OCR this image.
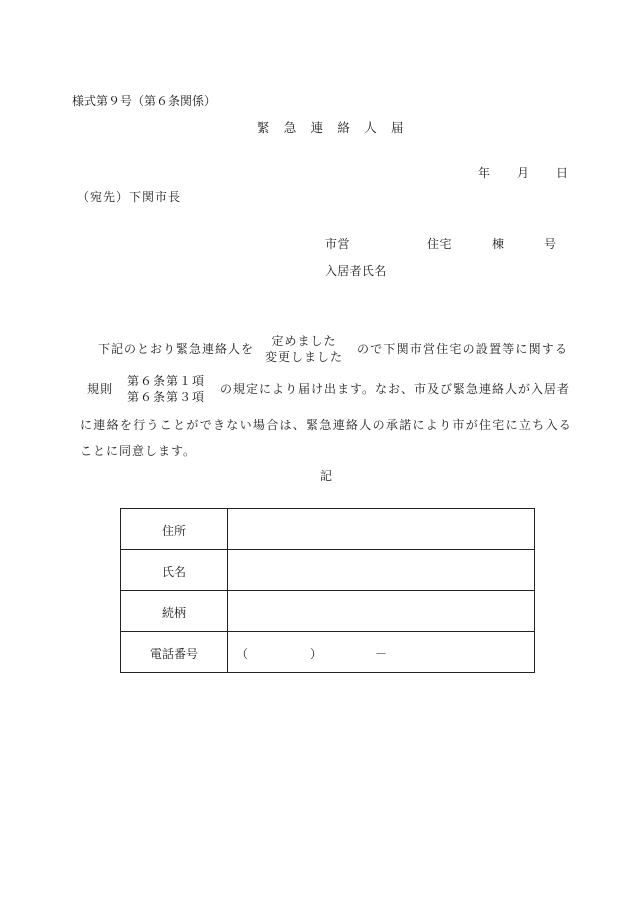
様式第９号（第６条関係）
緊急連絡人届
年 月 日
（宛先）下関市長
市営	住宅	棟	号
入居者氏名
下記のとおり緊急連絡人を
定めました
変更しました
ので下関市営住宅の設置等に関する
規則
第６条第１項
第６条第３項
の規定により届け出ます。なお、市及び緊急連絡人が入居者
に連絡を行うことができない場合は、緊急連絡人の承諾により市が住宅に立ち入る
ことに同意します。
記
住所
氏名
続柄
電話番号	（	）	－
